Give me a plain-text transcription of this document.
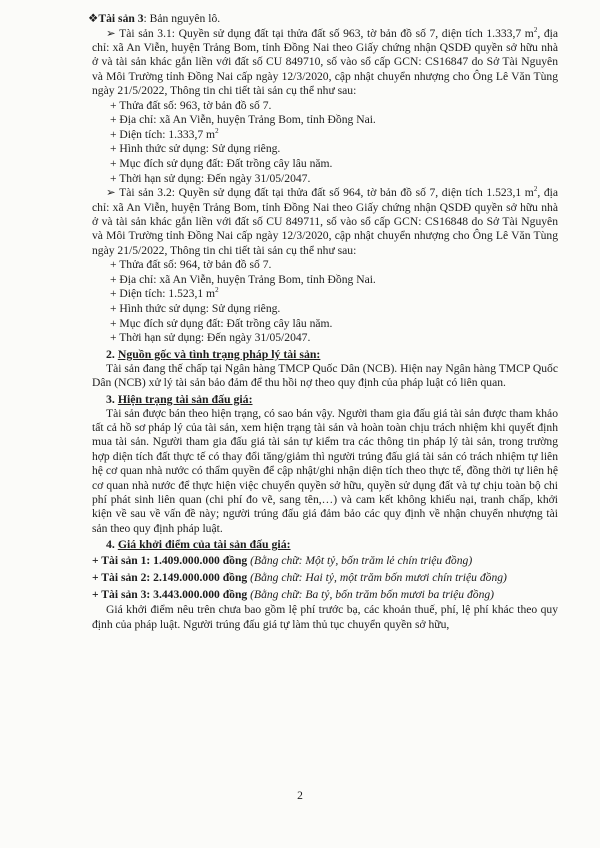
❖Tài sản 3: Bản nguyên lô.

➢ Tài sản 3.1: Quyền sử dụng đất tại thửa đất số 963, tờ bản đồ số 7, diện tích 1.333,7 $m^2$, địa chỉ: xã An Viễn, huyện Trảng Bom, tỉnh Đồng Nai theo Giấy chứng nhận QSDĐ quyền sở hữu nhà ở và tài sản khác gắn liền với đất số CU 849710, số vào sổ cấp GCN: CS16847 do Sở Tài Nguyên và Môi Trường tỉnh Đồng Nai cấp ngày 12/3/2020, cập nhật chuyển nhượng cho Ông Lê Văn Tùng ngày 21/5/2022, Thông tin chi tiết tài sản cụ thể như sau:

+ Thửa đất số: 963, tờ bản đồ số 7.

+ Địa chỉ: xã An Viễn, huyện Trảng Bom, tỉnh Đồng Nai.

+ Diện tích: 1.333,7 $m^2$

+ Hình thức sử dụng: Sử dụng riêng.

+ Mục đích sử dụng đất: Đất trồng cây lâu năm.

+ Thời hạn sử dụng: Đến ngày 31/05/2047.

➢ Tài sản 3.2: Quyền sử dụng đất tại thửa đất số 964, tờ bản đồ số 7, diện tích 1.523,1 $m^2$, địa chỉ: xã An Viễn, huyện Trảng Bom, tỉnh Đồng Nai theo Giấy chứng nhận QSDĐ quyền sở hữu nhà ở và tài sản khác gắn liền với đất số CU 849711, số vào sổ cấp GCN: CS16848 do Sở Tài Nguyên và Môi Trường tỉnh Đồng Nai cấp ngày 12/3/2020, cập nhật chuyển nhượng cho Ông Lê Văn Tùng ngày 21/5/2022, Thông tin chi tiết tài sản cụ thể như sau:

+ Thửa đất số: 964, tờ bản đồ số 7.

+ Địa chỉ: xã An Viễn, huyện Trảng Bom, tỉnh Đồng Nai.

+ Diện tích: 1.523,1 $m^2$

+ Hình thức sử dụng: Sử dụng riêng.

+ Mục đích sử dụng đất: Đất trồng cây lâu năm.

+ Thời hạn sử dụng: Đến ngày 31/05/2047.

2. Nguồn gốc và tình trạng pháp lý tài sản:

Tài sản đang thế chấp tại Ngân hàng TMCP Quốc Dân (NCB). Hiện nay Ngân hàng TMCP Quốc Dân (NCB) xử lý tài sản bảo đảm để thu hồi nợ theo quy định của pháp luật có liên quan.

3. Hiện trạng tài sản đấu giá:

Tài sản được bán theo hiện trạng, có sao bán vậy. Người tham gia đấu giá tài sản được tham khảo tất cả hồ sơ pháp lý của tài sản, xem hiện trạng tài sản và hoàn toàn chịu trách nhiệm khi quyết định mua tài sản. Người tham gia đấu giá tài sản tự kiểm tra các thông tin pháp lý tài sản, trong trường hợp diện tích đất thực tế có thay đổi tăng/giảm thì người trúng đấu giá tài sản có trách nhiệm tự liên hệ cơ quan nhà nước có thẩm quyền để cập nhật/ghi nhận diện tích theo thực tế, đồng thời tự liên hệ cơ quan nhà nước để thực hiện việc chuyển quyền sở hữu, quyền sử dụng đất và tự chịu toàn bộ chi phí phát sinh liên quan (chi phí đo vẽ, sang tên,…) và cam kết không khiếu nại, tranh chấp, khởi kiện về sau về vấn đề này; người trúng đấu giá đảm bảo các quy định về nhận chuyển nhượng tài sản theo quy định pháp luật.

4. Giá khởi điểm của tài sản đấu giá:

+ Tài sản 1: 1.409.000.000 đồng (Bằng chữ: Một tỷ, bốn trăm lẻ chín triệu đồng)

+ Tài sản 2: 2.149.000.000 đồng (Bằng chữ: Hai tỷ, một trăm bốn mươi chín triệu đồng)

+ Tài sản 3: 3.443.000.000 đồng (Bằng chữ: Ba tỷ, bốn trăm bốn mươi ba triệu đồng)

Giá khởi điểm nêu trên chưa bao gồm lệ phí trước bạ, các khoản thuế, phí, lệ phí khác theo quy định của pháp luật. Người trúng đấu giá tự làm thủ tục chuyển quyền sở hữu,

2
